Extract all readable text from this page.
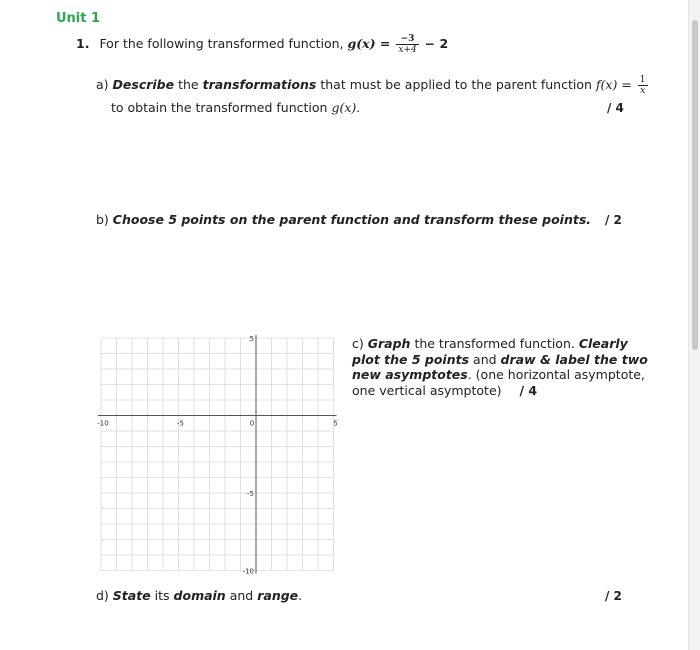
Unit 1
1. For the following transformed function, $g(x) = \frac{-3}{x+4} - 2$
a) Describe the transformations that must be applied to the parent function $f(x) = \frac{1}{x}$
to obtain the transformed function g(x).	/ 4
b) Choose 5 points on the parent function and transform these points. / 2
-10	-5	0	5
5
-5
-10
c) Graph the transformed function. Clearly plot the 5 points and draw & label the two new asymptotes. (one horizontal asymptote, one vertical asymptote) / 4
d) State its domain and range.	/ 2
